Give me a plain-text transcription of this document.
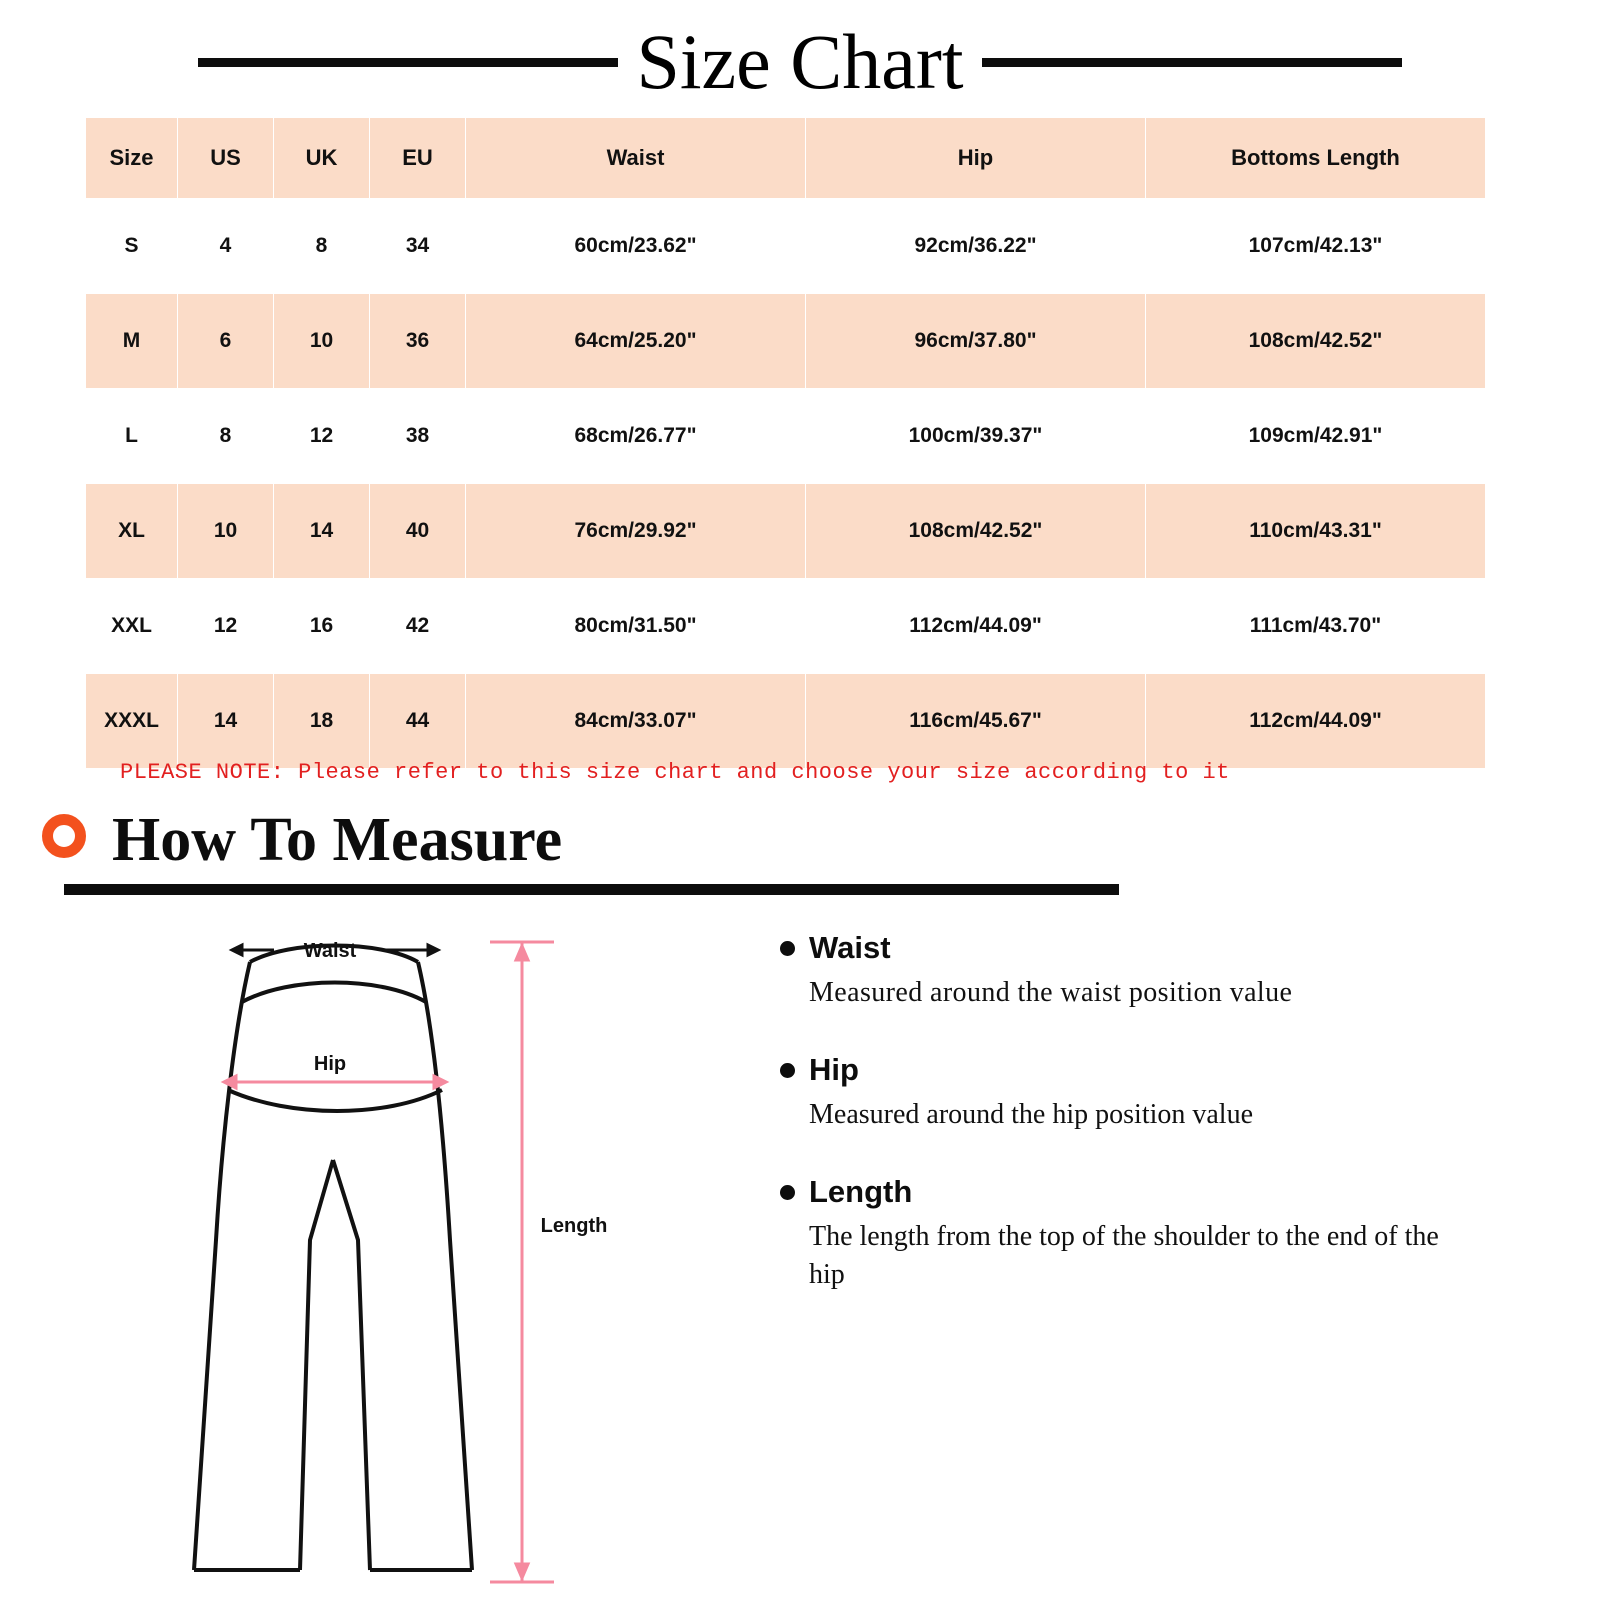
Size Chart
Size	US	UK	EU	Waist	Hip	Bottoms Length
S	4	8	34	60cm/23.62"	92cm/36.22"	107cm/42.13"
M	6	10	36	64cm/25.20"	96cm/37.80"	108cm/42.52"
L	8	12	38	68cm/26.77"	100cm/39.37"	109cm/42.91"
XL	10	14	40	76cm/29.92"	108cm/42.52"	110cm/43.31"
XXL	12	16	42	80cm/31.50"	112cm/44.09"	111cm/43.70"
XXXL	14	18	44	84cm/33.07"	116cm/45.67"	112cm/44.09"
PLEASE NOTE: Please refer to this size chart and choose your size according to it
How To Measure
Waist
Hip
Length
Waist
Measured around the waist position value
Hip
Measured around the hip position value
Length
The length from the top of the shoulder to the end of the hip
